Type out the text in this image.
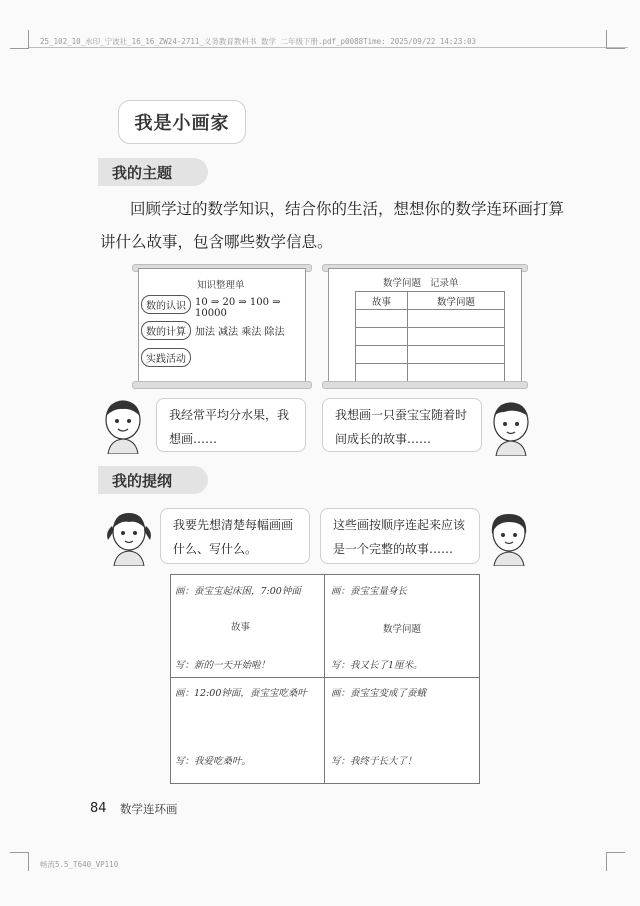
25_102_10_水印_宁波社_16_16_ZW24-2711_义务教育教科书 数学 二年级下册.pdf_p0088Time: 2025/09/22 14:23:03
我是小画家
我的主题
回顾学过的数学知识，结合你的生活，想想你的数学连环画打算讲什么故事，包含哪些数学信息。
知识整理单
数的认识 10 ⇒ 20 ⇒ 100 ⇒ 10000
数的计算 加法 减法 乘法 除法
实践活动
数学问题   记录单
故事	数学问题

我经常平均分水果，我想画……
我想画一只蚕宝宝随着时间成长的故事……
我的提纲
我要先想清楚每幅画画什么、写什么。
这些画按顺序连起来应该是一个完整的故事……
画：蚕宝宝起床困，7:00钟面
故事
写：新的一天开始啦！
画：蚕宝宝量身长
数学问题
写：我又长了1厘米。
画：12:00钟面，蚕宝宝吃桑叶
写：我爱吃桑叶。
画：蚕宝宝变成了蚕蛾
写：我终于长大了！
84 数学连环画
畅流5.5_T640_VP110
